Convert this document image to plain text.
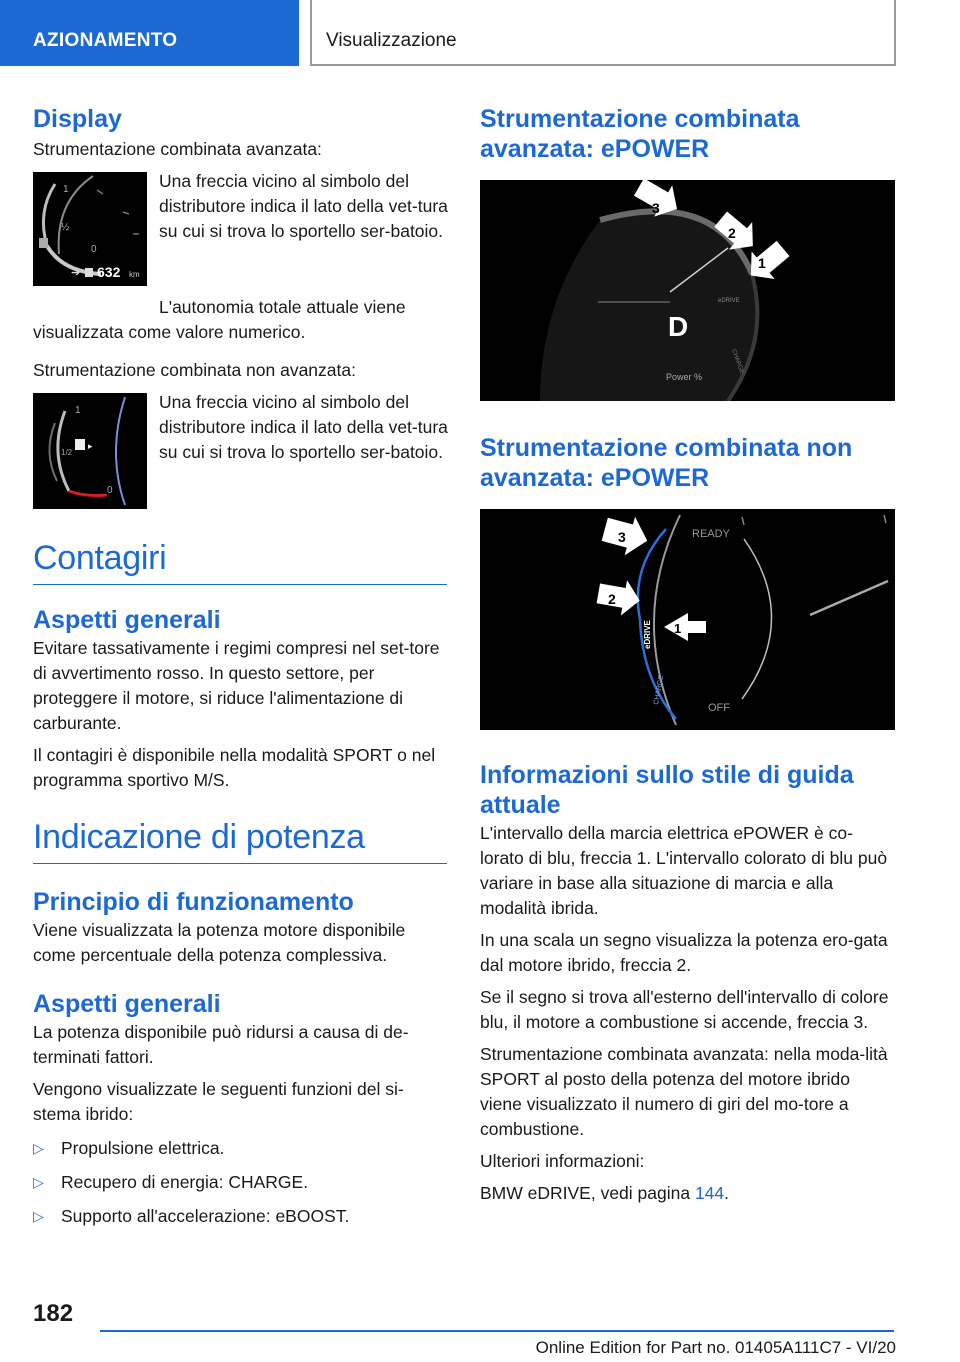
AZIONAMENTO	Visualizzazione
Display

Strumentazione combinata avanzata:

1
½
0
➔ 632 km

Una freccia vicino al simbolo del distributore indica il lato della vet-tura su cui si trova lo sportello ser-batoio.

L'autonomia totale attuale viene visualizzata come valore numerico.

Strumentazione combinata non avanzata:

▸
1
1/2
0

Una freccia vicino al simbolo del distributore indica il lato della vet-tura su cui si trova lo sportello ser-batoio.

Contagiri
Aspetti generali

Evitare tassativamente i regimi compresi nel set-tore di avvertimento rosso. In questo settore, per proteggere il motore, si riduce l'alimentazione di carburante.

Il contagiri è disponibile nella modalità SPORT o nel programma sportivo M/S.

Indicazione di potenza
Principio di funzionamento

Viene visualizzata la potenza motore disponibile come percentuale della potenza complessiva.

Aspetti generali

La potenza disponibile può ridursi a causa di de-terminati fattori.

Vengono visualizzate le seguenti funzioni del si-stema ibrido:

▷ Propulsione elettrica.
▷ Recupero di energia: CHARGE.
▷ Supporto all'accelerazione: eBOOST.
Strumentazione combinata avanzata: ePOWER
D
Power %
eDRIVE
CHARGE
3
2
1
Strumentazione combinata non avanzata: ePOWER
READY
OFF
eDRIVE
CHARGE
3
2
1
Informazioni sullo stile di guida attuale

L'intervallo della marcia elettrica ePOWER è co-lorato di blu, freccia 1. L'intervallo colorato di blu può variare in base alla situazione di marcia e alla modalità ibrida.

In una scala un segno visualizza la potenza ero-gata dal motore ibrido, freccia 2.

Se il segno si trova all'esterno dell'intervallo di colore blu, il motore a combustione si accende, freccia 3.

Strumentazione combinata avanzata: nella moda-lità SPORT al posto della potenza del motore ibrido viene visualizzato il numero di giri del mo-tore a combustione.

Ulteriori informazioni:

BMW eDRIVE, vedi pagina 144.

182
Online Edition for Part no. 01405A111C7 - VI/20
